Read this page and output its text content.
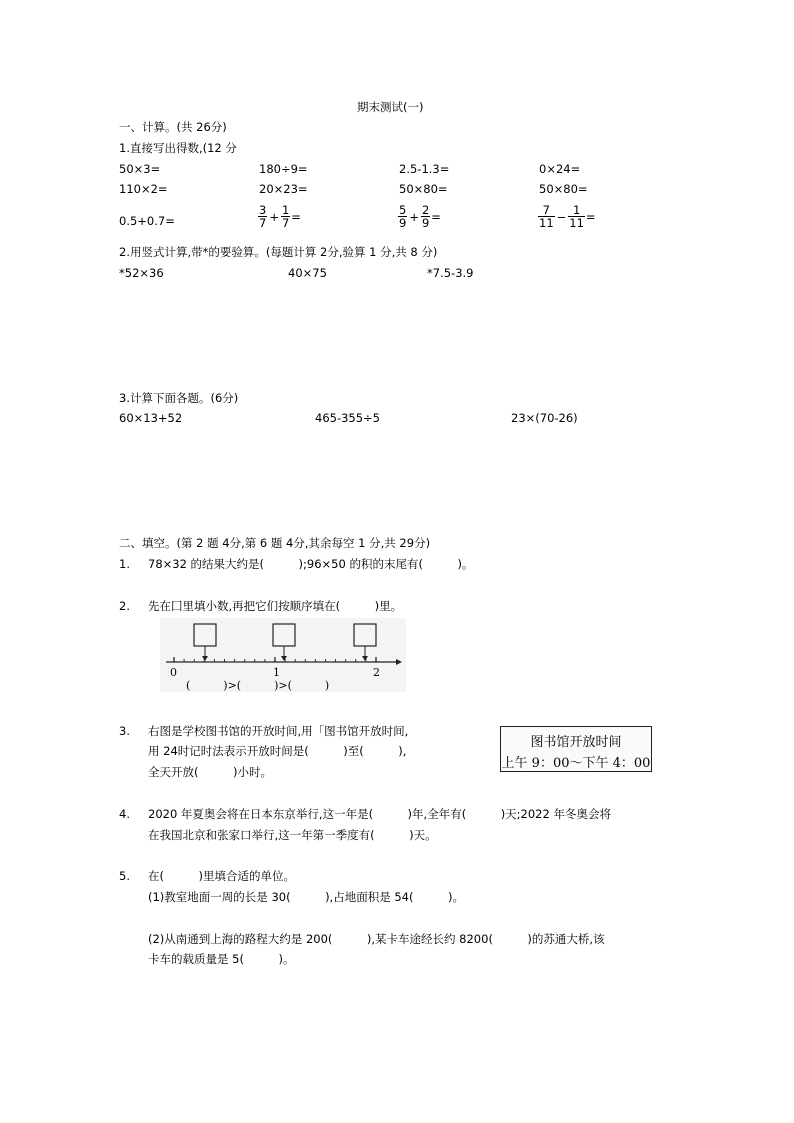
期末测试(一)
一、计算。(共 26分)
1.直接写出得数,(12 分
50×3=	180÷9=	2.5-1.3=	0×24=
110×2=	20×23=	50×80=	50×80=
0.5+0.7=	$\frac{3}{7} + \frac{1}{7}$ =	$\frac{5}{9} + \frac{2}{9}$ =	$\frac{7}{11} - \frac{1}{11}$ =
2.用竖式计算,带*的要验算。(每题计算 2分,验算 1 分,共 8 分)
*52×36	40×75	*7.5-3.9
3.计算下面各题。(6分)
60×13+52	465-355÷5	23×(70-26)
二、填空。(第 2 题 4分,第 6 题 4分,其余每空 1 分,共 29分)
1. 78×32 的结果大约是(　　　);96×50 的积的末尾有(　　　)。
2. 先在囗里填小数,再把它们按顺序填在(　　　)里。
0	1	2
(　　　)>(　　　)>(　　　)
3. 右图是学校图书馆的开放时间,用「图书馆开放时间,
用 24时记时法表示开放时间是(　　　)至(　　　),
全天开放(　　　)小时。
图书馆开放时间
上午 9：00～下午 4：00
4. 2020 年夏奥会将在日本东京举行,这一年是(　　　)年,全年有(　　　)天;2022 年冬奥会将
在我国北京和张家口举行,这一年第一季度有(　　　)天。
5. 在(　　　)里填合适的单位。
(1)教室地面一周的长是 30(　　　),占地面积是 54(　　　)。
(2)从南通到上海的路程大约是 200(　　　),某卡车途经长约 8200(　　　)的苏通大桥,该
卡车的载质量是 5(　　　)。
